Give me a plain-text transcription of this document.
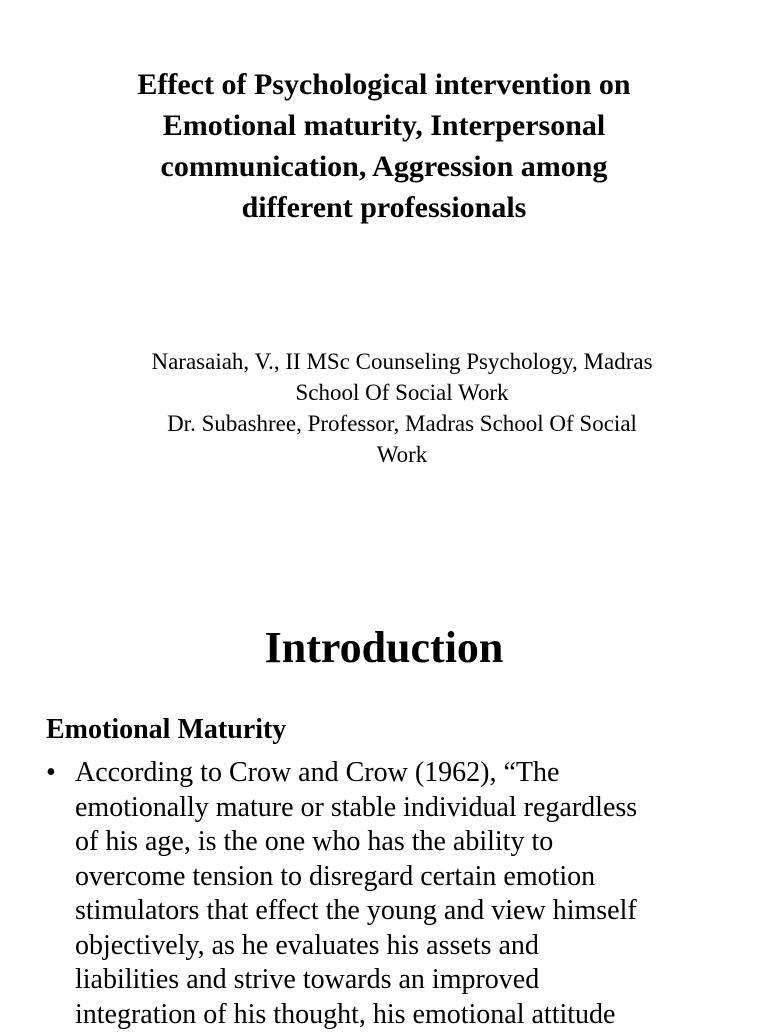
Effect of Psychological intervention on
Emotional maturity, Interpersonal
communication, Aggression among
different professionals
Narasaiah, V., II MSc Counseling Psychology, Madras
School Of Social Work
Dr. Subashree, Professor, Madras School Of Social
Work
Introduction
Emotional Maturity
• According to Crow and Crow (1962), “The
emotionally mature or stable individual regardless
of his age, is the one who has the ability to
overcome tension to disregard certain emotion
stimulators that effect the young and view himself
objectively, as he evaluates his assets and
liabilities and strive towards an improved
integration of his thought, his emotional attitude
